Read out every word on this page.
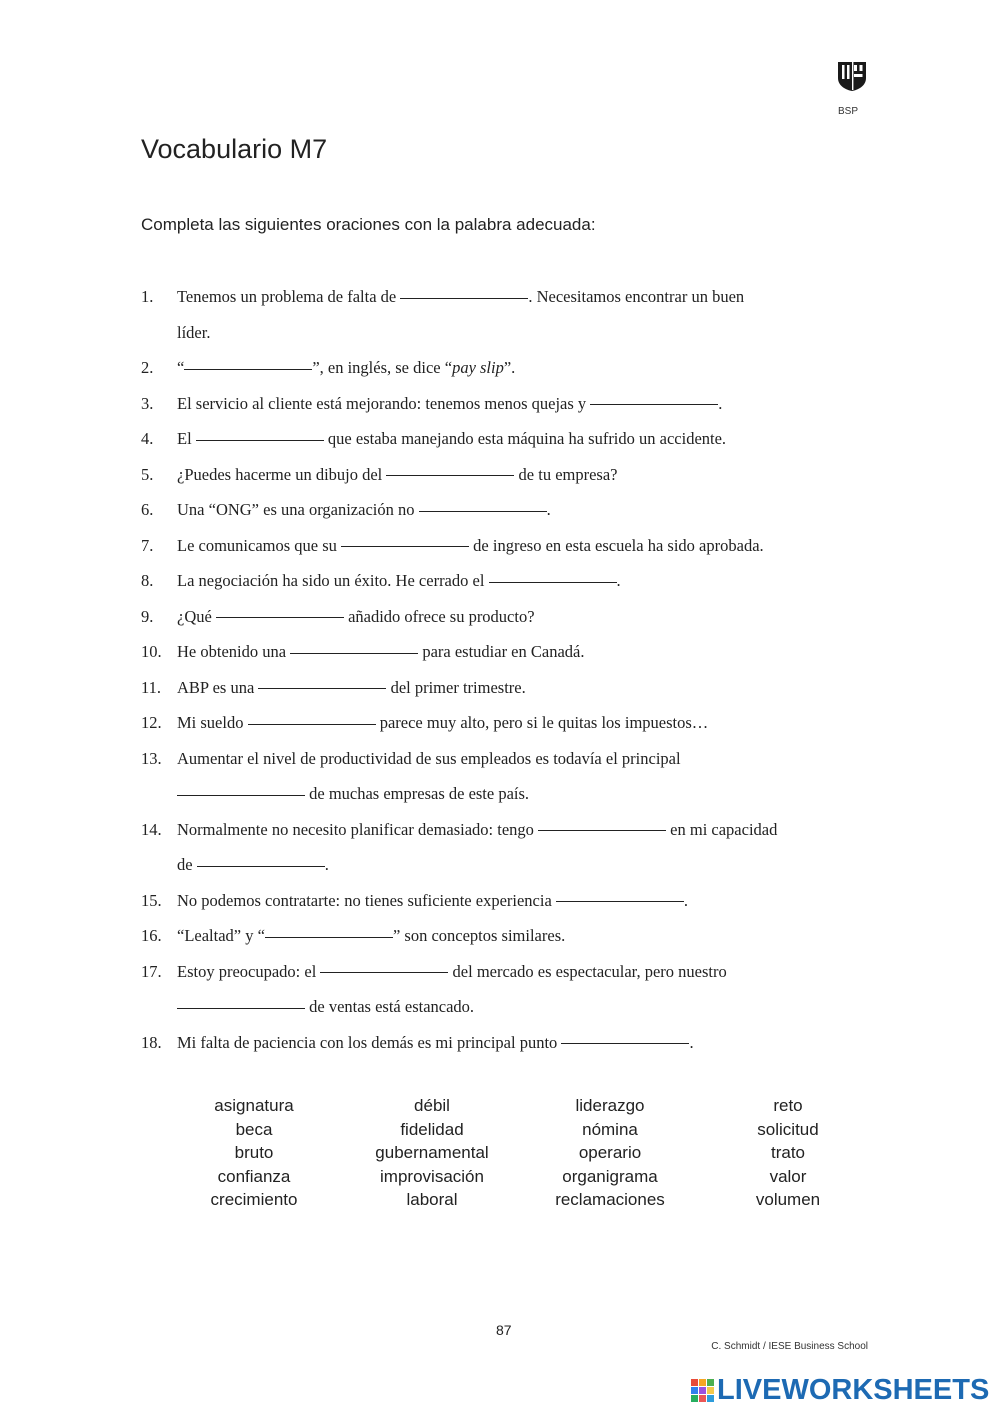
BSP
Vocabulario M7
Completa las siguientes oraciones con la palabra adecuada:
1.	Tenemos un problema de falta de	. Necesitamos encontrar un buen
líder.
2.	“	”, en inglés, se dice “pay slip”.
3.	El servicio al cliente está mejorando: tenemos menos quejas y	.
4.	El	que estaba manejando esta máquina ha sufrido un accidente.
5.	¿Puedes hacerme un dibujo del	de tu empresa?
6.	Una “ONG” es una organización no	.
7.	Le comunicamos que su	de ingreso en esta escuela ha sido aprobada.
8.	La negociación ha sido un éxito. He cerrado el	.
9.	¿Qué	añadido ofrece su producto?
10. He obtenido una	para estudiar en Canadá.
11. ABP es una	del primer trimestre.
12. Mi sueldo	parece muy alto, pero si le quitas los impuestos…
13. Aumentar el nivel de productividad de sus empleados es todavía el principal
de muchas empresas de este país.
14. Normalmente no necesito planificar demasiado: tengo	en mi capacidad
de	.
15. No podemos contratarte: no tienes suficiente experiencia	.
16. “Lealtad” y “	” son conceptos similares.
17. Estoy preocupado: el	del mercado es espectacular, pero nuestro
de ventas está estancado.
18. Mi falta de paciencia con los demás es mi principal punto	.
asignatura	débil	liderazgo	reto
beca	fidelidad	nómina	solicitud
bruto	gubernamental	operario	trato
confianza	improvisación	organigrama	valor
crecimiento	laboral	reclamaciones	volumen
87
C. Schmidt / IESE Business School
LIVEWORKSHEETS
